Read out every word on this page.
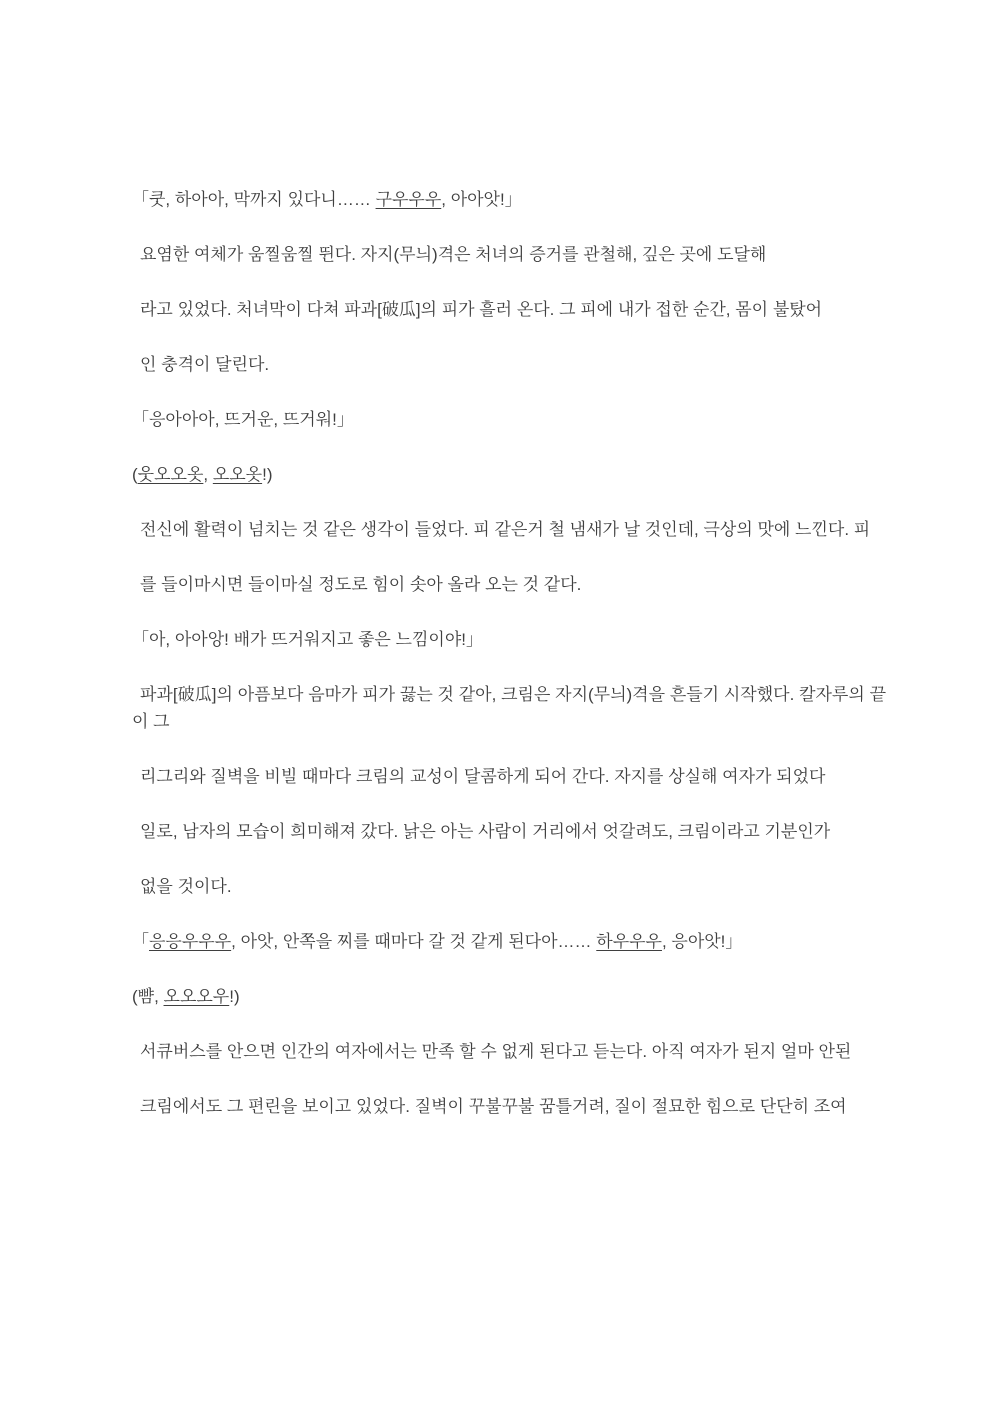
「쿳, 하아아, 막까지 있다니…… 구우우우, 아아앗!」

요염한 여체가 움찔움찔 뛴다. 자지(무늬)격은 처녀의 증거를 관철해, 깊은 곳에 도달해

라고 있었다. 처녀막이 다쳐 파과[破瓜]의 피가 흘러 온다. 그 피에 내가 접한 순간, 몸이 불탔어

인 충격이 달린다.

「응아아아, 뜨거운, 뜨거워!」

(웃오오옷, 오오옷!)

전신에 활력이 넘치는 것 같은 생각이 들었다. 피 같은거 철 냄새가 날 것인데, 극상의 맛에 느낀다. 피

를 들이마시면 들이마실 정도로 힘이 솟아 올라 오는 것 같다.

「아, 아아앙! 배가 뜨거워지고 좋은 느낌이야!」

파과[破瓜]의 아픔보다 음마가 피가 끓는 것 같아, 크림은 자지(무늬)격을 흔들기 시작했다. 칼자루의 끝이 그

리그리와 질벽을 비빌 때마다 크림의 교성이 달콤하게 되어 간다. 자지를 상실해 여자가 되었다

일로, 남자의 모습이 희미해져 갔다. 낡은 아는 사람이 거리에서 엇갈려도, 크림이라고 기분인가

없을 것이다.

「응응우우우, 아앗, 안쪽을 찌를 때마다 갈 것 같게 된다아…… 하우우우, 응아앗!」

(뺨, 오오오우!)

서큐버스를 안으면 인간의 여자에서는 만족 할 수 없게 된다고 듣는다. 아직 여자가 된지 얼마 안된

크림에서도 그 편린을 보이고 있었다. 질벽이 꾸불꾸불 꿈틀거려, 질이 절묘한 힘으로 단단히 조여
